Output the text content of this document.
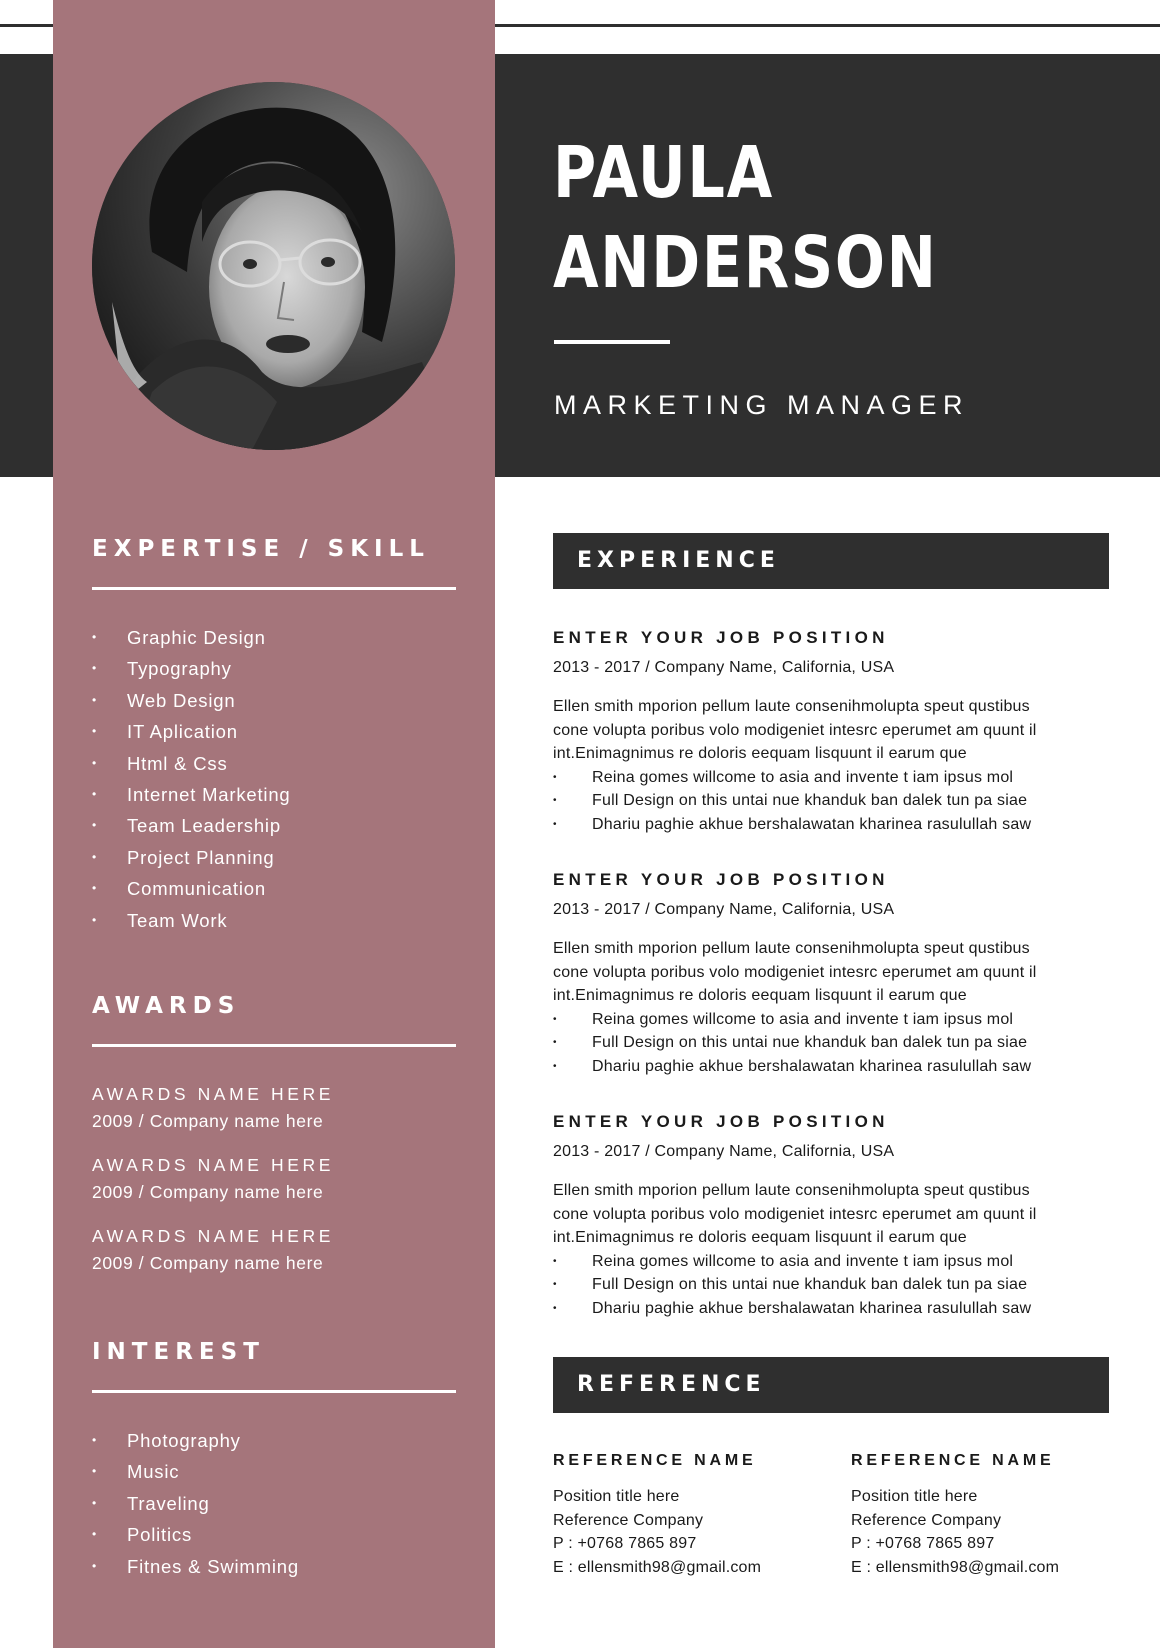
PAULA
ANDERSON
MARKETING MANAGER
EXPERTISE / SKILL
• Graphic Design
• Typography
• Web Design
• IT Aplication
• Html & Css
• Internet Marketing
• Team Leadership
• Project Planning
• Communication
• Team Work
AWARDS
AWARDS NAME HERE
2009 / Company name here
AWARDS NAME HERE
2009 / Company name here
AWARDS NAME HERE
2009 / Company name here
INTEREST
• Photography
• Music
• Traveling
• Politics
• Fitnes & Swimming
EXPERIENCE
ENTER YOUR JOB POSITION
2013 - 2017 / Company Name, California, USA
Ellen smith mporion pellum laute consenihmolupta speut qustibus
cone volupta poribus volo modigeniet intesrc eperumet am quunt il
int.Enimagnimus re doloris eequam lisquunt il earum que
• Reina gomes willcome to asia and invente t iam ipsus mol
• Full Design on this untai nue khanduk ban dalek tun pa siae
• Dhariu paghie akhue bershalawatan kharinea rasulullah saw
ENTER YOUR JOB POSITION
2013 - 2017 / Company Name, California, USA
Ellen smith mporion pellum laute consenihmolupta speut qustibus
cone volupta poribus volo modigeniet intesrc eperumet am quunt il
int.Enimagnimus re doloris eequam lisquunt il earum que
• Reina gomes willcome to asia and invente t iam ipsus mol
• Full Design on this untai nue khanduk ban dalek tun pa siae
• Dhariu paghie akhue bershalawatan kharinea rasulullah saw
ENTER YOUR JOB POSITION
2013 - 2017 / Company Name, California, USA
Ellen smith mporion pellum laute consenihmolupta speut qustibus
cone volupta poribus volo modigeniet intesrc eperumet am quunt il
int.Enimagnimus re doloris eequam lisquunt il earum que
• Reina gomes willcome to asia and invente t iam ipsus mol
• Full Design on this untai nue khanduk ban dalek tun pa siae
• Dhariu paghie akhue bershalawatan kharinea rasulullah saw
REFERENCE
REFERENCE NAME
Position title here
Reference Company
P : +0768 7865 897
E : ellensmith98@gmail.com
REFERENCE NAME
Position title here
Reference Company
P : +0768 7865 897
E : ellensmith98@gmail.com
